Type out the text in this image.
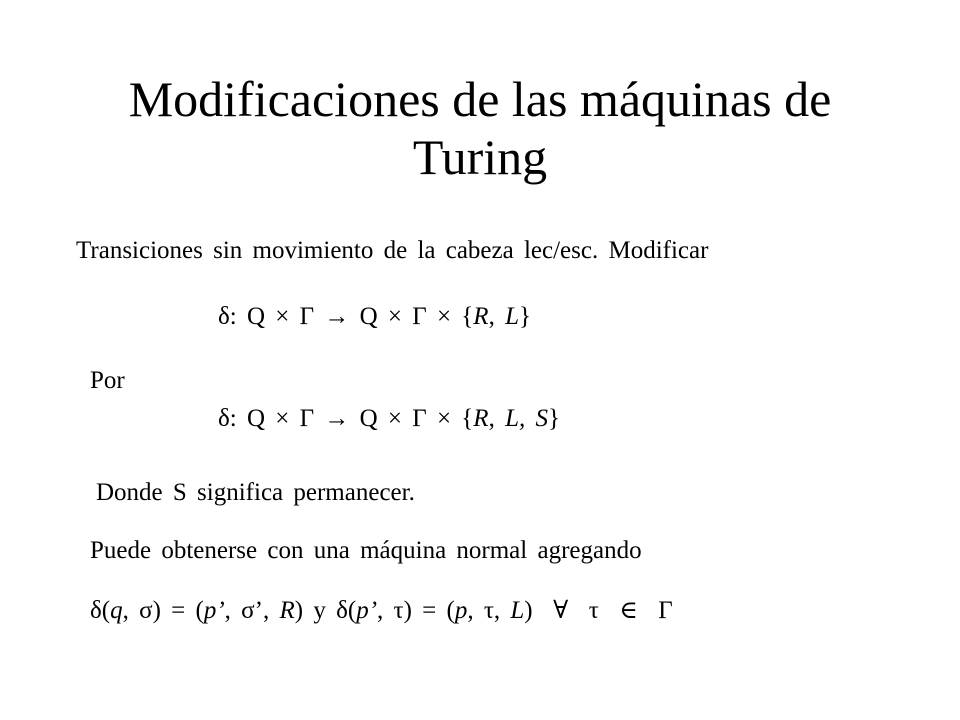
Modificaciones de las máquinas de
Turing
Transiciones sin movimiento de la cabeza lec/esc. Modificar
δ: Q × Γ → Q × Γ × {R, L}
Por
δ: Q × Γ → Q × Γ × {R, L, S}
Donde S significa permanecer.
Puede obtenerse con una máquina normal agregando
δ(q, σ) = (p’, σ’, R) y δ(p’, τ) = (p, τ, L)  ∀  τ  ∈  Γ
